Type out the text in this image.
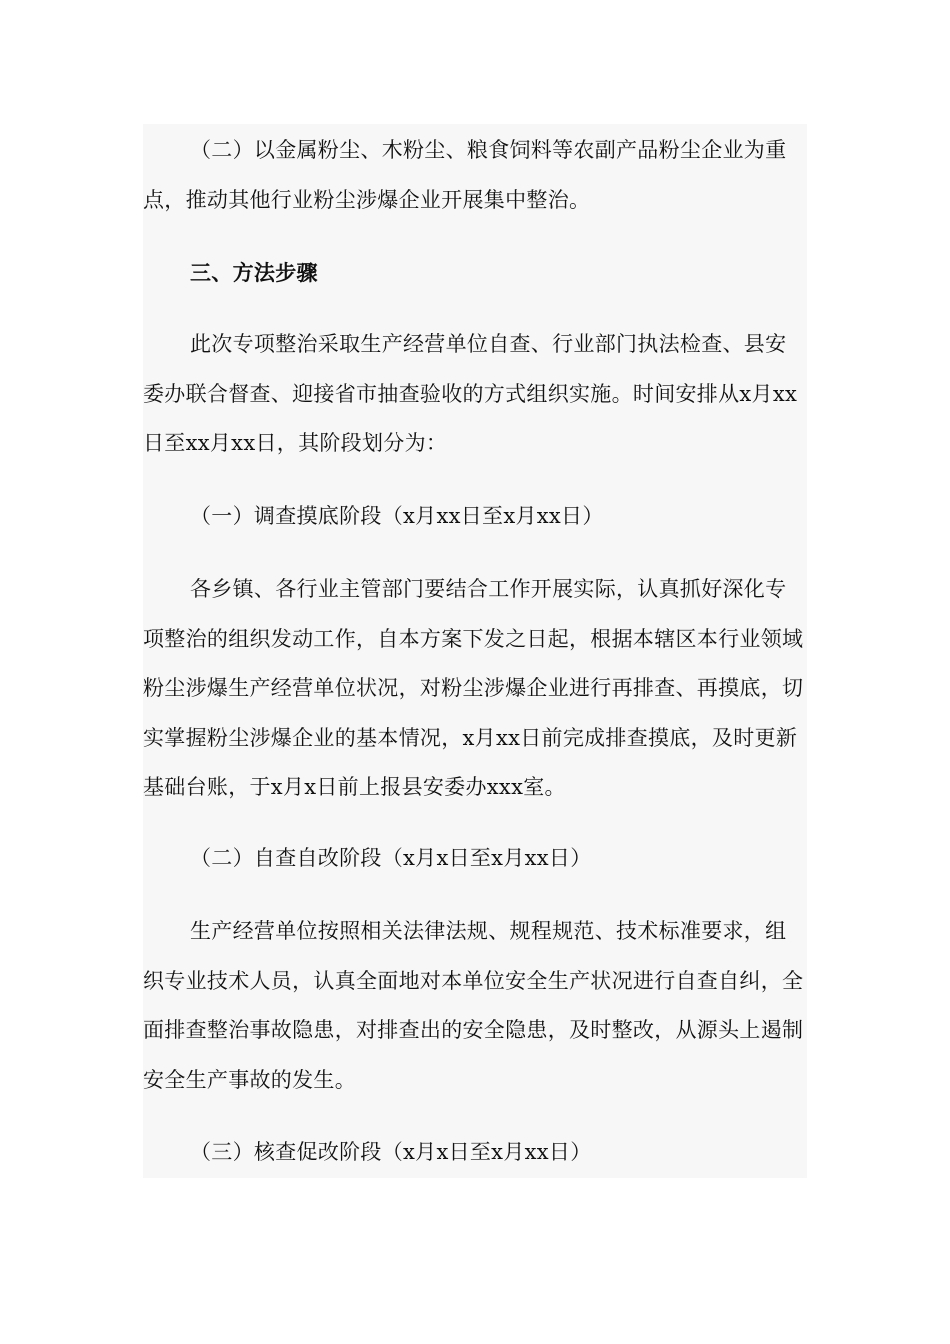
（二）以金属粉尘、木粉尘、粮食饲料等农副产品粉尘企业为重点，推动其他行业粉尘涉爆企业开展集中整治。

三、方法步骤

此次专项整治采取生产经营单位自查、行业部门执法检查、县安委办联合督查、迎接省市抽查验收的方式组织实施。时间安排从x月xx日至xx月xx日，其阶段划分为：

（一）调查摸底阶段（x月xx日至x月xx日）

各乡镇、各行业主管部门要结合工作开展实际，认真抓好深化专项整治的组织发动工作，自本方案下发之日起，根据本辖区本行业领域粉尘涉爆生产经营单位状况，对粉尘涉爆企业进行再排查、再摸底，切实掌握粉尘涉爆企业的基本情况，x月xx日前完成排查摸底，及时更新基础台账，于x月x日前上报县安委办xxx室。

（二）自查自改阶段（x月x日至x月xx日）

生产经营单位按照相关法律法规、规程规范、技术标准要求，组织专业技术人员，认真全面地对本单位安全生产状况进行自查自纠，全面排查整治事故隐患，对排查出的安全隐患，及时整改，从源头上遏制安全生产事故的发生。

（三）核查促改阶段（x月x日至x月xx日）
